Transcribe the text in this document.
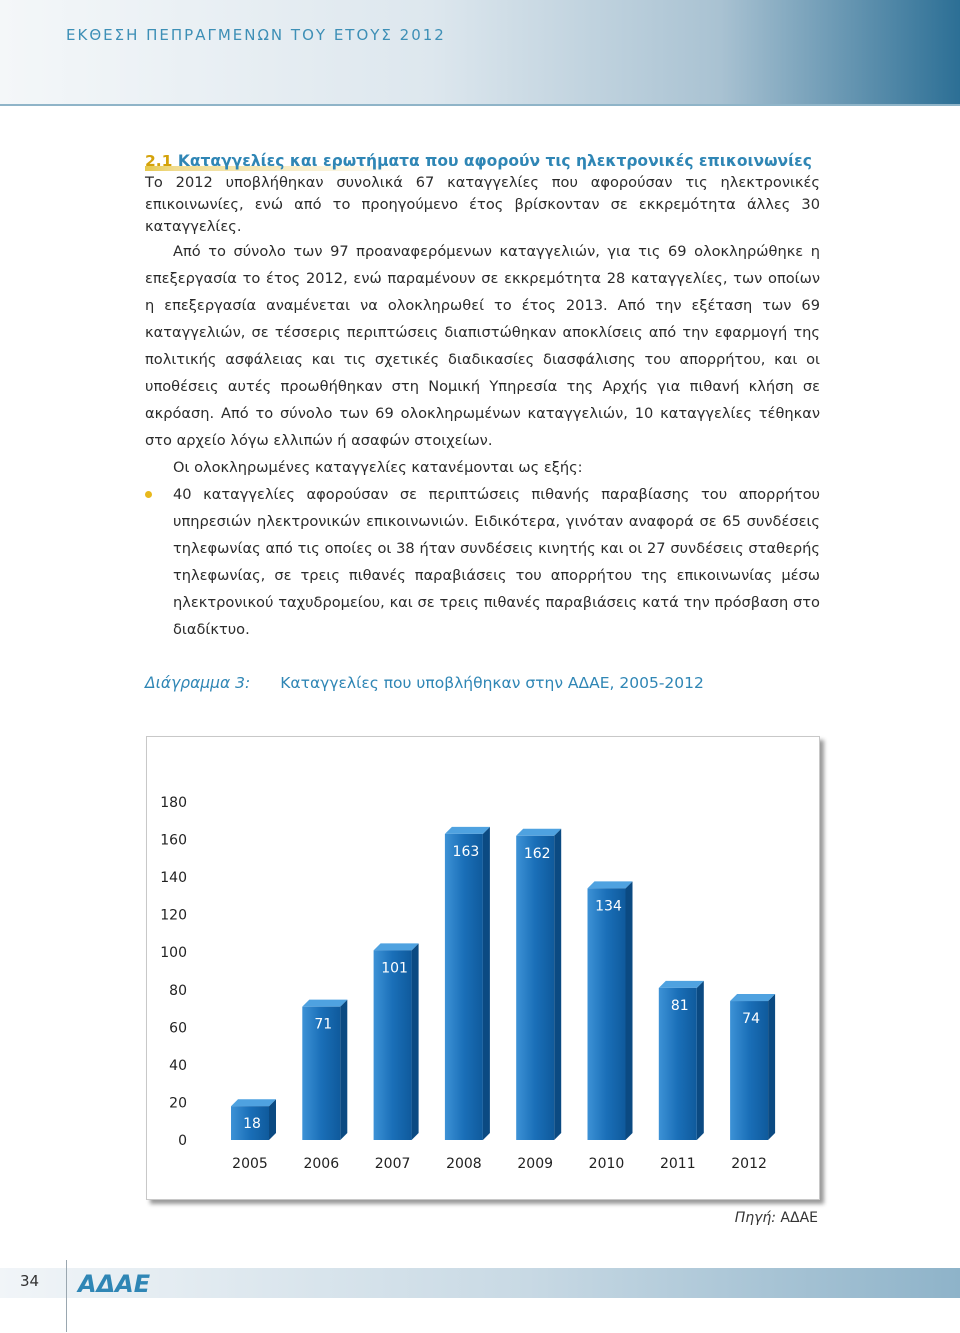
ΕΚΘΕΣΗ ΠΕΠΡΑΓΜΕΝΩΝ ΤΟΥ ΕΤΟΥΣ 2012
2.1 Καταγγελίες και ερωτήματα που αφορούν τις ηλεκτρονικές επικοινωνίες

Το 2012 υποβλήθηκαν συνολικά 67 καταγγελίες που αφορούσαν τις ηλεκτρονικές επικοινωνίες, ενώ από το προηγούμενο έτος βρίσκονταν σε εκκρεμότητα άλλες 30 καταγγελίες.

Από το σύνολο των 97 προαναφερόμενων καταγγελιών, για τις 69 ολοκληρώθηκε η επεξεργασία το έτος 2012, ενώ παραμένουν σε εκκρεμότητα 28 καταγγελίες, των οποίων η επεξεργασία αναμένεται να ολοκληρωθεί το έτος 2013. Από την εξέταση των 69 καταγγελιών, σε τέσσερις περιπτώσεις διαπιστώθηκαν αποκλίσεις από την εφαρμογή της πολιτικής ασφάλειας και τις σχετικές διαδικασίες διασφάλισης του απορρήτου, και οι υποθέσεις αυτές προωθήθηκαν στη Νομική Υπηρεσία της Αρχής για πιθανή κλήση σε ακρόαση. Από το σύνολο των 69 ολοκληρωμένων καταγγελιών, 10 καταγγελίες τέθηκαν στο αρχείο λόγω ελλιπών ή ασαφών στοιχείων.

Οι ολοκληρωμένες καταγγελίες κατανέμονται ως εξής:

40 καταγγελίες αφορούσαν σε περιπτώσεις πιθανής παραβίασης του απορρήτου υπηρεσιών ηλεκτρονικών επικοινωνιών. Ειδικότερα, γινόταν αναφορά σε 65 συνδέσεις τηλεφωνίας από τις οποίες οι 38 ήταν συνδέσεις κινητής και οι 27 συνδέσεις σταθερής τηλεφωνίας, σε τρεις πιθανές παραβιάσεις του απορρήτου της επικοινωνίας μέσω ηλεκτρονικού ταχυδρομείου, και σε τρεις πιθανές παραβιάσεις κατά την πρόσβαση στο διαδίκτυο.

Διάγραμμα 3: Καταγγελίες που υποβλήθηκαν στην ΑΔΑΕ, 2005-2012
0
20
40
60
80
100
120
140
160
180
18
2005
71
2006
101
2007
163
2008
162
2009
134
2010
81
2011
74
2012
Πηγή: ΑΔΑΕ
34 ΑΔΑΕ
